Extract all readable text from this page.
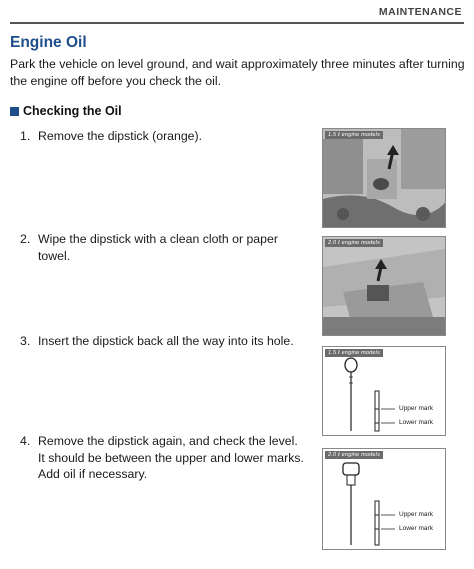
MAINTENANCE
Engine Oil
Park the vehicle on level ground, and wait approximately three minutes after turning
the engine off before you check the oil.
Checking the Oil
1. Remove the dipstick (orange).
2. Wipe the dipstick with a clean cloth or paper
towel.
3. Insert the dipstick back all the way into its hole.
4. Remove the dipstick again, and check the level.
It should be between the upper and lower marks.
Add oil if necessary.
1.5 ℓ engine models
2.0 ℓ engine models
1.5 ℓ engine models
Upper mark
Lower mark
2.0 ℓ engine models
Upper mark
Lower mark
